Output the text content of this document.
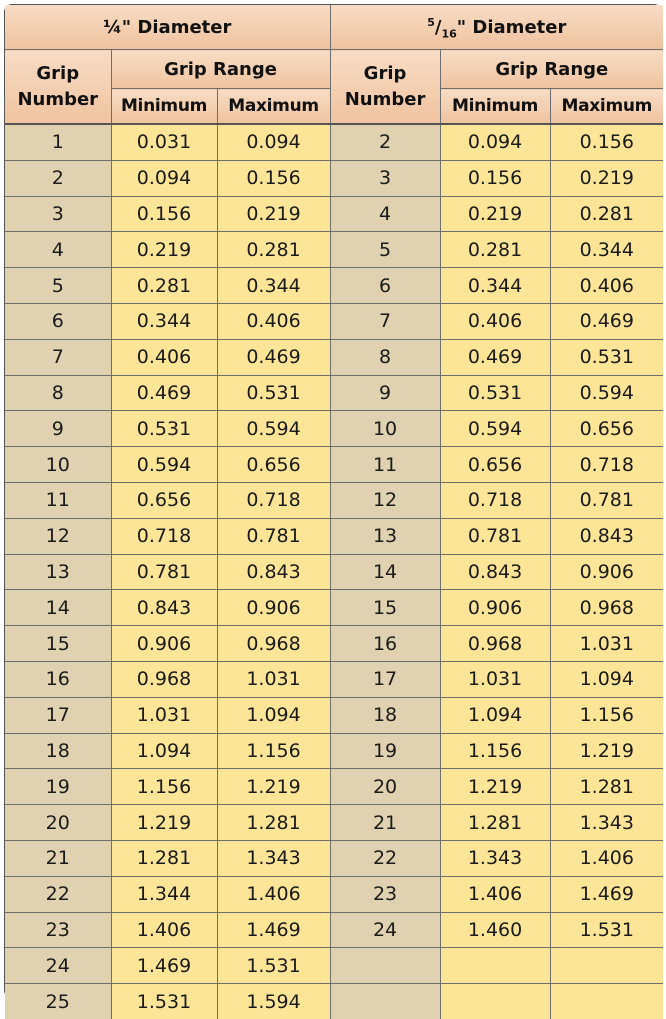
¼" Diameter			$^5/_{16}$" Diameter		
Grip Number	Grip Range		Grip Number	Grip Range	
	Minimum	Maximum		Minimum	Maximum
1	0.031	0.094	2	0.094	0.156
2	0.094	0.156	3	0.156	0.219
3	0.156	0.219	4	0.219	0.281
4	0.219	0.281	5	0.281	0.344
5	0.281	0.344	6	0.344	0.406
6	0.344	0.406	7	0.406	0.469
7	0.406	0.469	8	0.469	0.531
8	0.469	0.531	9	0.531	0.594
9	0.531	0.594	10	0.594	0.656
10	0.594	0.656	11	0.656	0.718
11	0.656	0.718	12	0.718	0.781
12	0.718	0.781	13	0.781	0.843
13	0.781	0.843	14	0.843	0.906
14	0.843	0.906	15	0.906	0.968
15	0.906	0.968	16	0.968	1.031
16	0.968	1.031	17	1.031	1.094
17	1.031	1.094	18	1.094	1.156
18	1.094	1.156	19	1.156	1.219
19	1.156	1.219	20	1.219	1.281
20	1.219	1.281	21	1.281	1.343
21	1.281	1.343	22	1.343	1.406
22	1.344	1.406	23	1.406	1.469
23	1.406	1.469	24	1.460	1.531
24	1.469	1.531			
25	1.531	1.594			
